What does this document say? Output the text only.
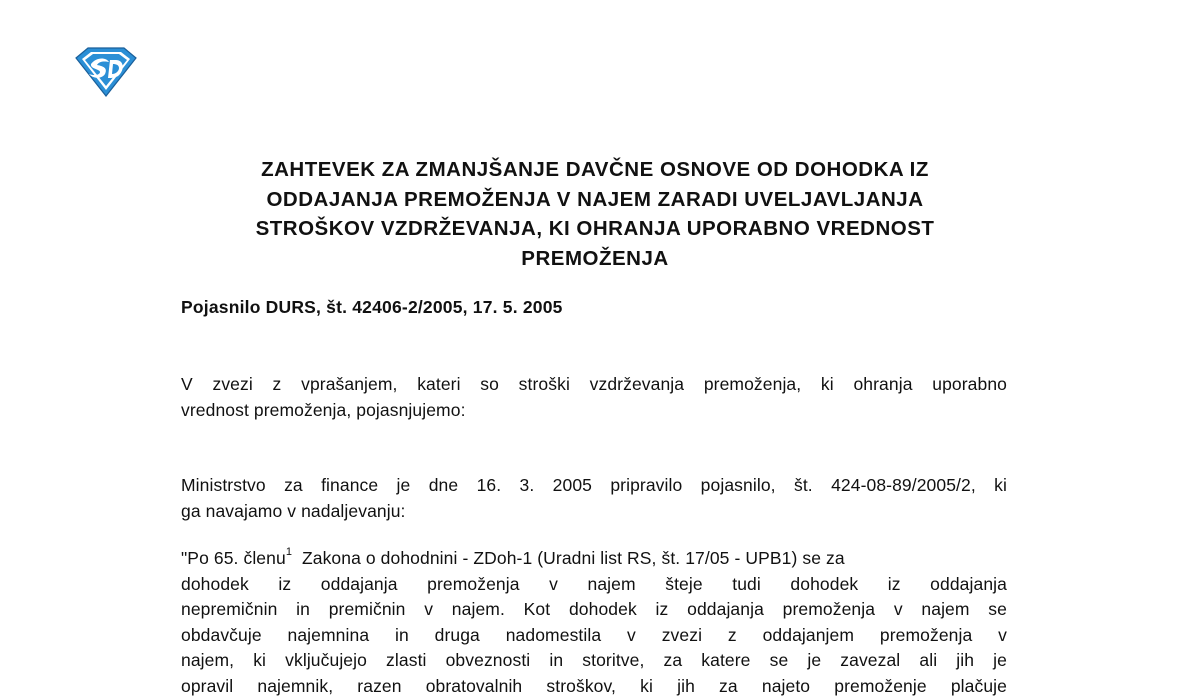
ZAHTEVEK ZA ZMANJŠANJE DAVČNE OSNOVE OD DOHODKA IZ
ODDAJANJA PREMOŽENJA V NAJEM ZARADI UVELJAVLJANJA
STROŠKOV VZDRŽEVANJA, KI OHRANJA UPORABNO VREDNOST
PREMOŽENJA

Pojasnilo DURS, št. 42406-2/2005, 17. 5. 2005

V zvezi z vprašanjem, kateri so stroški vzdrževanja premoženja, ki ohranja uporabno
vrednost premoženja, pojasnjujemo:

Ministrstvo za finance je dne 16. 3. 2005 pripravilo pojasnilo, št. 424-08-89/2005/2, ki
ga navajamo v nadaljevanju:

"Po 65. členu$^1$  Zakona o dohodnini - ZDoh-1 (Uradni list RS, št. 17/05 - UPB1) se za
dohodek iz oddajanja premoženja v najem šteje tudi dohodek iz oddajanja
nepremičnin in premičnin v najem. Kot dohodek iz oddajanja premoženja v najem se
obdavčuje najemnina in druga nadomestila v zvezi z oddajanjem premoženja v
najem, ki vključujejo zlasti obveznosti in storitve, za katere se je zavezal ali jih je
opravil najemnik, razen obratovalnih stroškov, ki jih za najeto premoženje plačuje
